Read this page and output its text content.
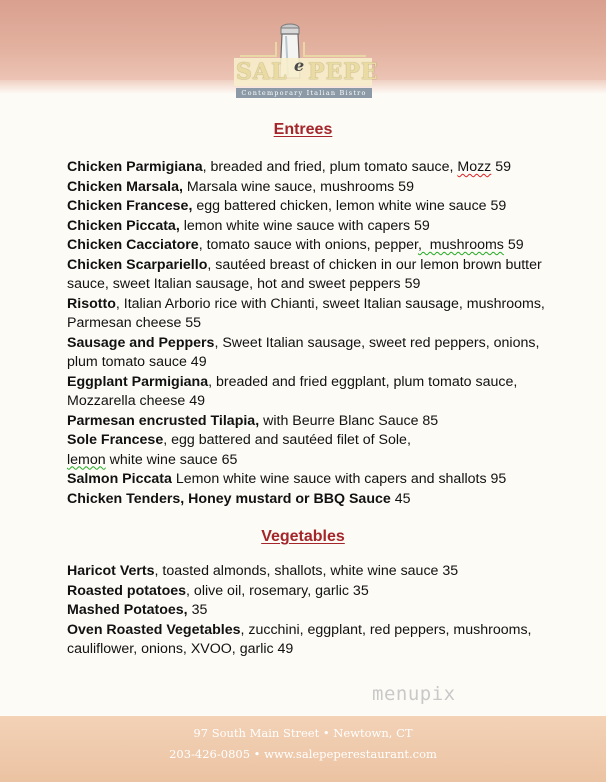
SAL e PEPE
Contemporary Italian Bistro
Entrees
Chicken Parmigiana, breaded and fried, plum tomato sauce, Mozz 59
Chicken Marsala, Marsala wine sauce, mushrooms 59
Chicken Francese, egg battered chicken, lemon white wine sauce 59
Chicken Piccata, lemon white wine sauce with capers 59
Chicken Cacciatore, tomato sauce with onions, pepper,  mushrooms 59
Chicken Scarpariello, sautéed breast of chicken in our lemon brown butter sauce, sweet Italian sausage, hot and sweet peppers 59
Risotto, Italian Arborio rice with Chianti, sweet Italian sausage, mushrooms, Parmesan cheese 55
Sausage and Peppers, Sweet Italian sausage, sweet red peppers, onions, plum tomato sauce 49
Eggplant Parmigiana, breaded and fried eggplant, plum tomato sauce, Mozzarella cheese 49
Parmesan encrusted Tilapia, with Beurre Blanc Sauce 85
Sole Francese, egg battered and sautéed filet of Sole,
lemon white wine sauce 65
Salmon Piccata Lemon white wine sauce with capers and shallots 95
Chicken Tenders, Honey mustard or BBQ Sauce 45
Vegetables
Haricot Verts, toasted almonds, shallots, white wine sauce 35
Roasted potatoes, olive oil, rosemary, garlic 35
Mashed Potatoes, 35
Oven Roasted Vegetables, zucchini, eggplant, red peppers, mushrooms, cauliflower, onions, XVOO, garlic 49
menupix
97 South Main Street • Newtown, CT
203-426-0805 • www.salepeperestaurant.com
